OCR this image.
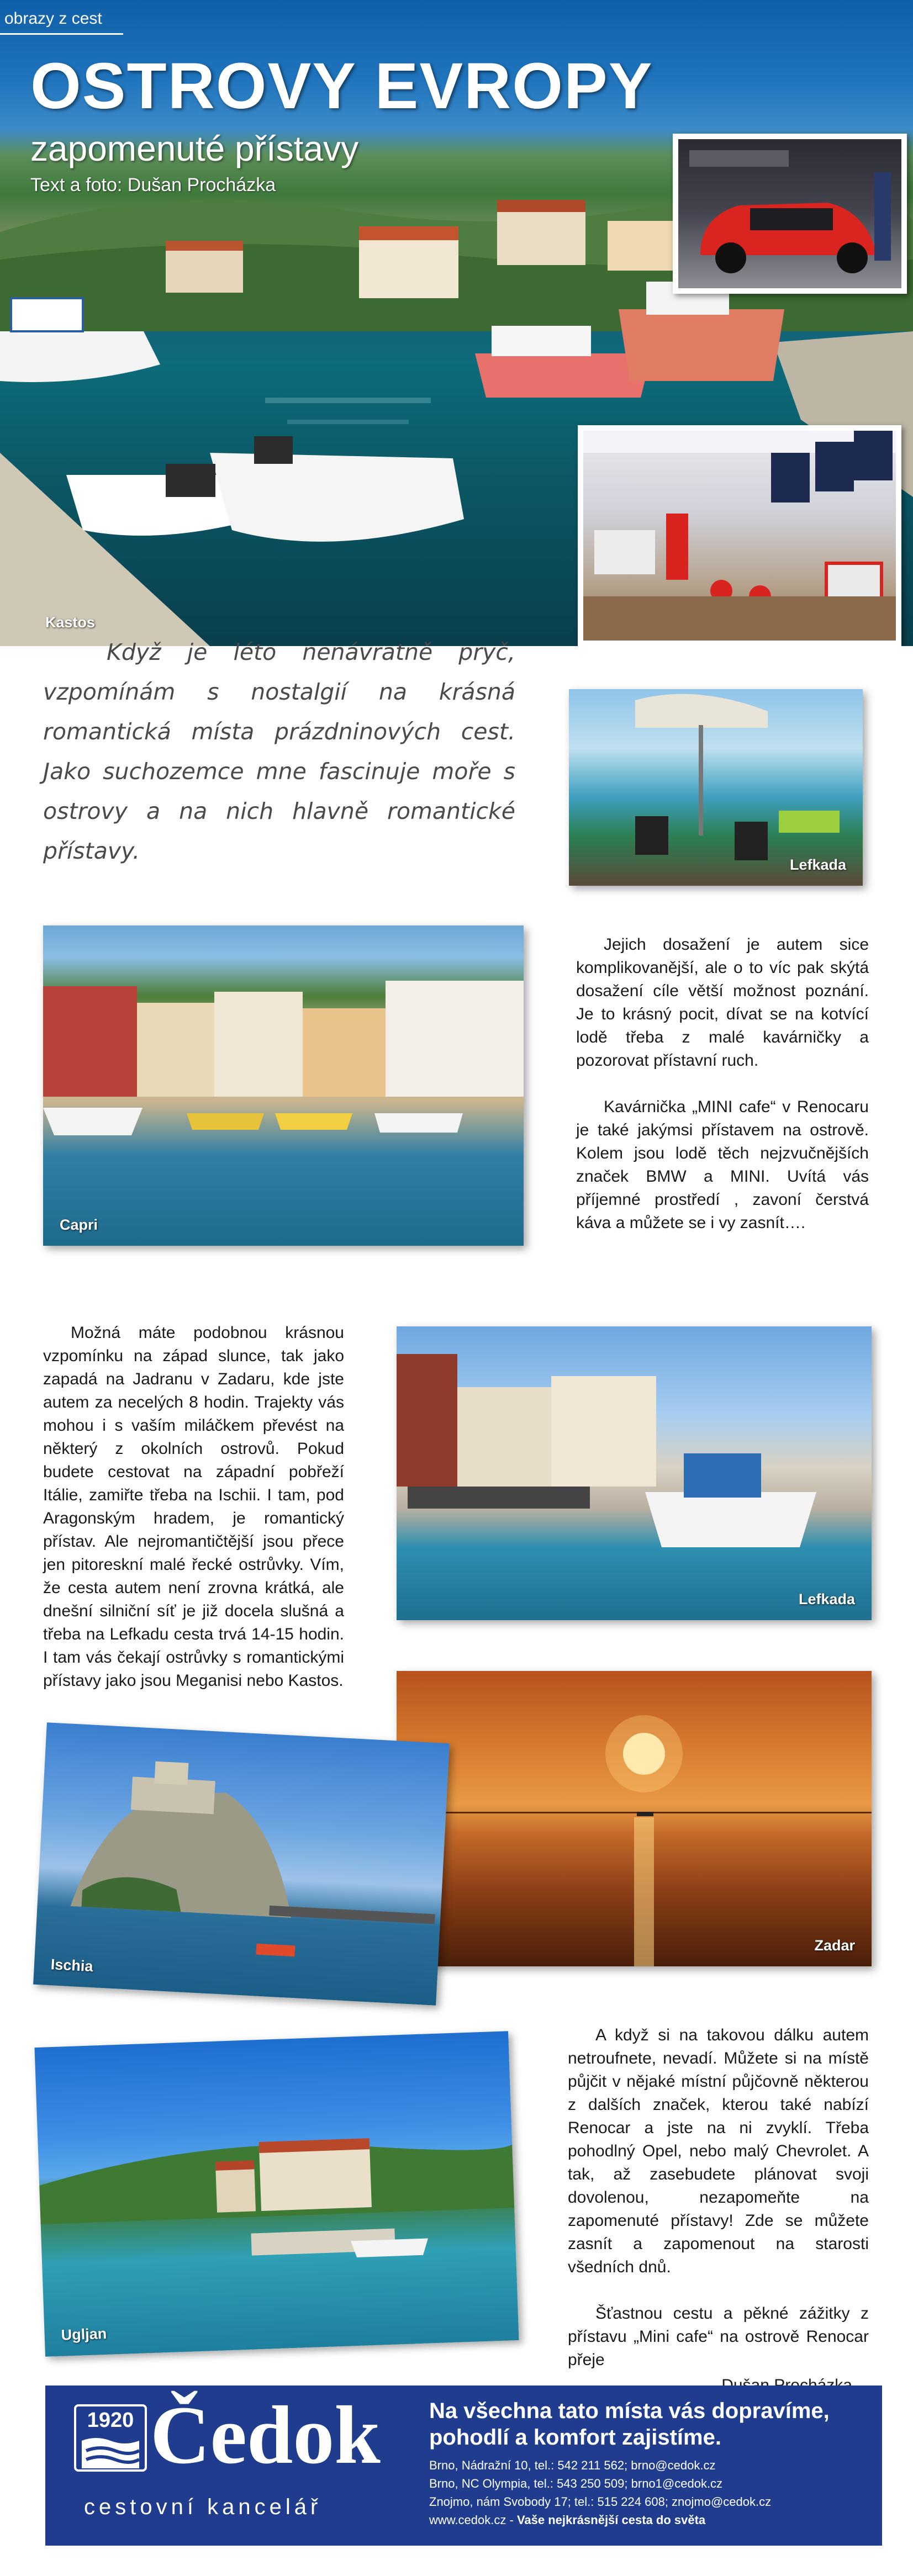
obrazy z cest
OSTROVY EVROPY
zapomenuté přístavy
Text a foto: Dušan Procházka
Kastos

Když je léto nenávratně pryč, vzpomínám s nostalgií na krásná romantická místa prázdninových cest. Jako suchozemce mne fascinuje moře s ostrovy a na nich hlavně romantické přístavy.

Lefkada
Capri

Jejich dosažení je autem sice komplikovanější, ale o to víc pak skýtá dosažení cíle větší možnost poznání. Je to krásný pocit, dívat se na kotvící lodě třeba z malé kavárničky a pozorovat přístavní ruch.

Kavárnička „MINI cafe“ v Renocaru je také jakýmsi přístavem na ostrově. Kolem jsou lodě těch nejzvučnějších značek BMW a MINI. Uvítá vás příjemné prostředí , zavoní čerstvá káva a můžete se i vy zasnít….

Možná máte podobnou krásnou vzpomínku na západ slunce, tak jako zapadá na Jadranu v Zadaru, kde jste autem za necelých 8 hodin. Trajekty vás mohou i s vaším miláčkem převést na některý z okolních ostrovů. Pokud budete cestovat na západní pobřeží Itálie, zamiřte třeba na Ischii. I tam, pod Aragonským hradem, je romantický přístav. Ale nejromantičtější jsou přece jen pitoreskní malé řecké ostrůvky. Vím, že cesta autem není zrovna krátká, ale dnešní silniční síť je již docela slušná a třeba na Lefkadu cesta trvá 14-15 hodin. I tam vás čekají ostrůvky s romantickými přístavy jako jsou Meganisi nebo Kastos.

Lefkada
Zadar
Ischia
Ugljan

A když si na takovou dálku autem netroufnete, nevadí. Můžete si na místě půjčit v nějaké místní půjčovně některou z dalších značek, kterou také nabízí Renocar a jste na ni zvyklí. Třeba pohodlný Opel, nebo malý Chevrolet. A tak, až zasebudete plánovat svoji dovolenou, nezapomeňte na zapomenuté přístavy! Zde se můžete zasnít a zapomenout na starosti všedních dnů.

Šťastnou cestu a pěkné zážitky z přístavu „Mini cafe“ na ostrově Renocar přeje

1920 Čedok
cestovní kancelář
Na všechna tato místa vás dopravíme, pohodlí a komfort zajistíme.
Brno, Nádražní 10, tel.: 542 211 562; brno@cedok.cz
Brno, NC Olympia, tel.: 543 250 509; brno1@cedok.cz
Znojmo, nám Svobody 17; tel.: 515 224 608; znojmo@cedok.cz
www.cedok.cz - Vaše nejkrásnější cesta do světa
